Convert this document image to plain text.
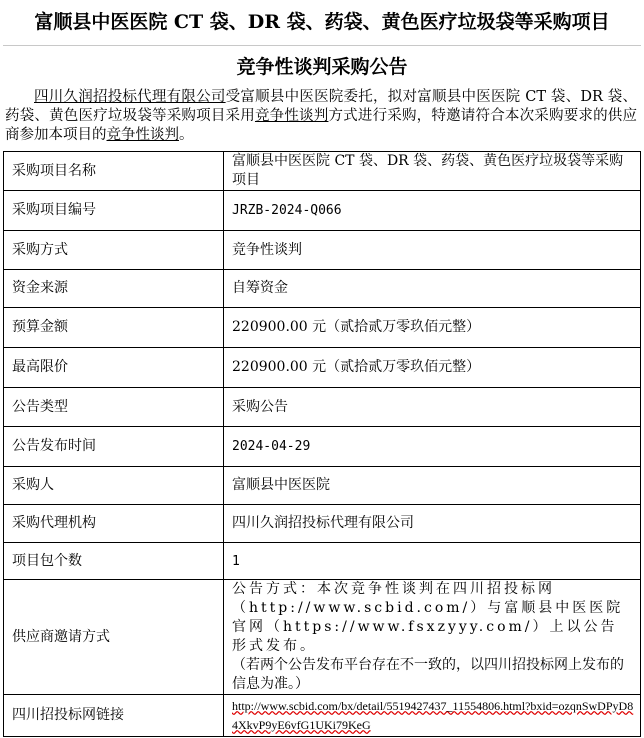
富顺县中医医院 CT 袋、DR 袋、药袋、黄色医疗垃圾袋等采购项目
竞争性谈判采购公告

四川久润招投标代理有限公司受富顺县中医医院委托，拟对富顺县中医医院 CT 袋、DR 袋、药袋、黄色医疗垃圾袋等采购项目采用竞争性谈判方式进行采购，特邀请符合本次采购要求的供应商参加本项目的竞争性谈判。

采购项目名称	富顺县中医医院 CT 袋、DR 袋、药袋、黄色医疗垃圾袋等采购项目
采购项目编号	JRZB-2024-Q066
采购方式	竞争性谈判
资金来源	自筹资金
预算金额	220900.00 元（贰拾贰万零玖佰元整）
最高限价	220900.00 元（贰拾贰万零玖佰元整）
公告类型	采购公告
公告发布时间	2024-04-29
采购人	富顺县中医医院
采购代理机构	四川久润招投标代理有限公司
项目包个数	1
供应商邀请方式	公告方式：本次竞争性谈判在四川招投标网（http://www.scbid.com/）与富顺县中医医院官网（https://www.fsxzyyy.com/）上以公告形式发布。
（若两个公告发布平台存在不一致的，以四川招投标网上发布的信息为准。）

四川招投标网链接	http://www.scbid.com/bx/detail/5519427437_11554806.html?bxid=ozqnSwDPyD84XkvP9yE6vfG1UKi79KeG
